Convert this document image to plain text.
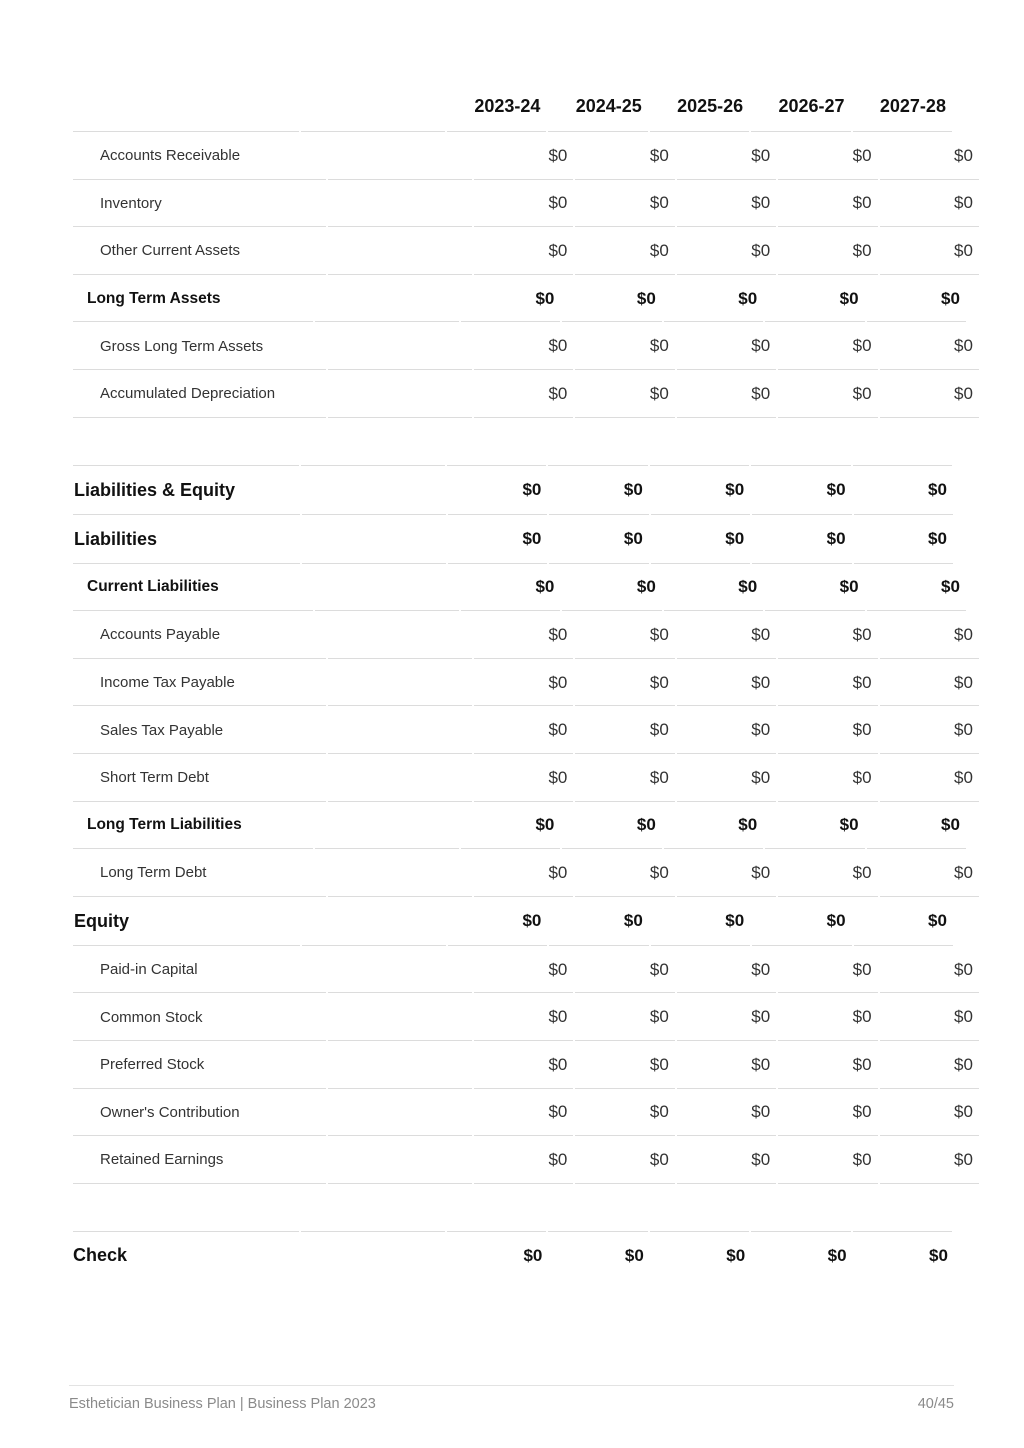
2023-24	2024-25	2025-26	2026-27	2027-28
Accounts Receivable	$0	$0	$0	$0	$0
Inventory	$0	$0	$0	$0	$0
Other Current Assets	$0	$0	$0	$0	$0
Long Term Assets	$0	$0	$0	$0	$0
Gross Long Term Assets	$0	$0	$0	$0	$0
Accumulated Depreciation	$0	$0	$0	$0	$0
Liabilities & Equity	$0	$0	$0	$0	$0
Liabilities	$0	$0	$0	$0	$0
Current Liabilities	$0	$0	$0	$0	$0
Accounts Payable	$0	$0	$0	$0	$0
Income Tax Payable	$0	$0	$0	$0	$0
Sales Tax Payable	$0	$0	$0	$0	$0
Short Term Debt	$0	$0	$0	$0	$0
Long Term Liabilities	$0	$0	$0	$0	$0
Long Term Debt	$0	$0	$0	$0	$0
Equity	$0	$0	$0	$0	$0
Paid-in Capital	$0	$0	$0	$0	$0
Common Stock	$0	$0	$0	$0	$0
Preferred Stock	$0	$0	$0	$0	$0
Owner's Contribution	$0	$0	$0	$0	$0
Retained Earnings	$0	$0	$0	$0	$0
Check	$0	$0	$0	$0	$0
Esthetician Business Plan | Business Plan 2023	40/45
